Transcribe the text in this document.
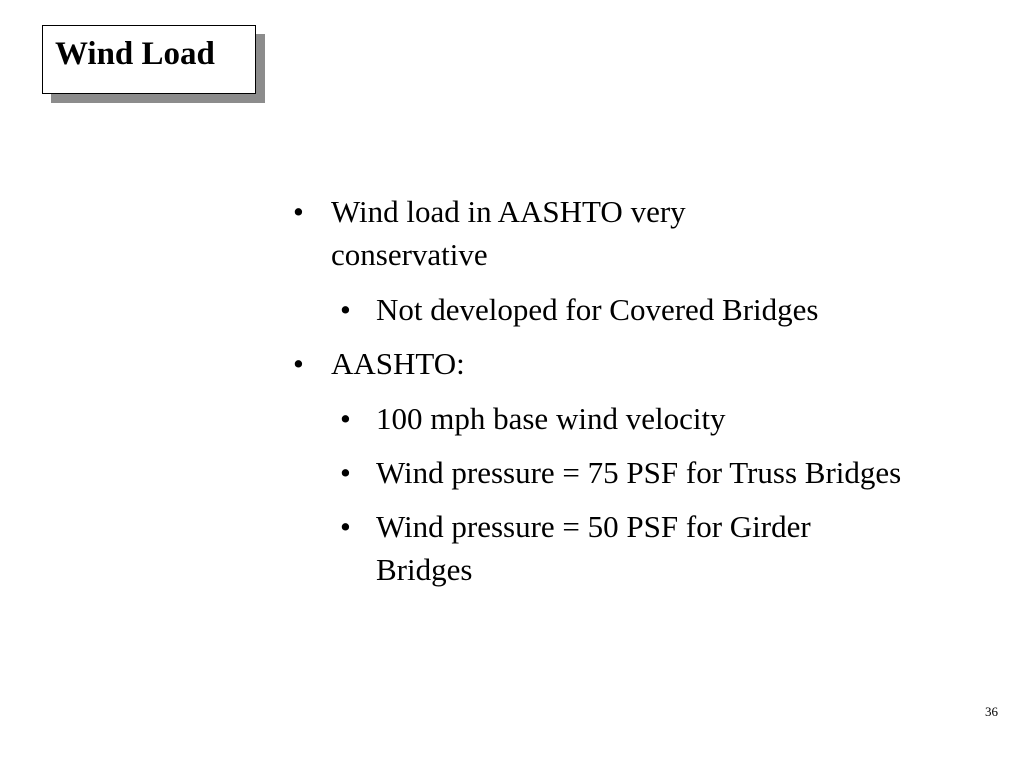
Wind Load
• Wind load in AASHTO very conservative
• Not developed for Covered Bridges
• AASHTO:
• 100 mph base wind velocity
• Wind pressure = 75 PSF for Truss Bridges
• Wind pressure = 50 PSF for Girder Bridges
36
